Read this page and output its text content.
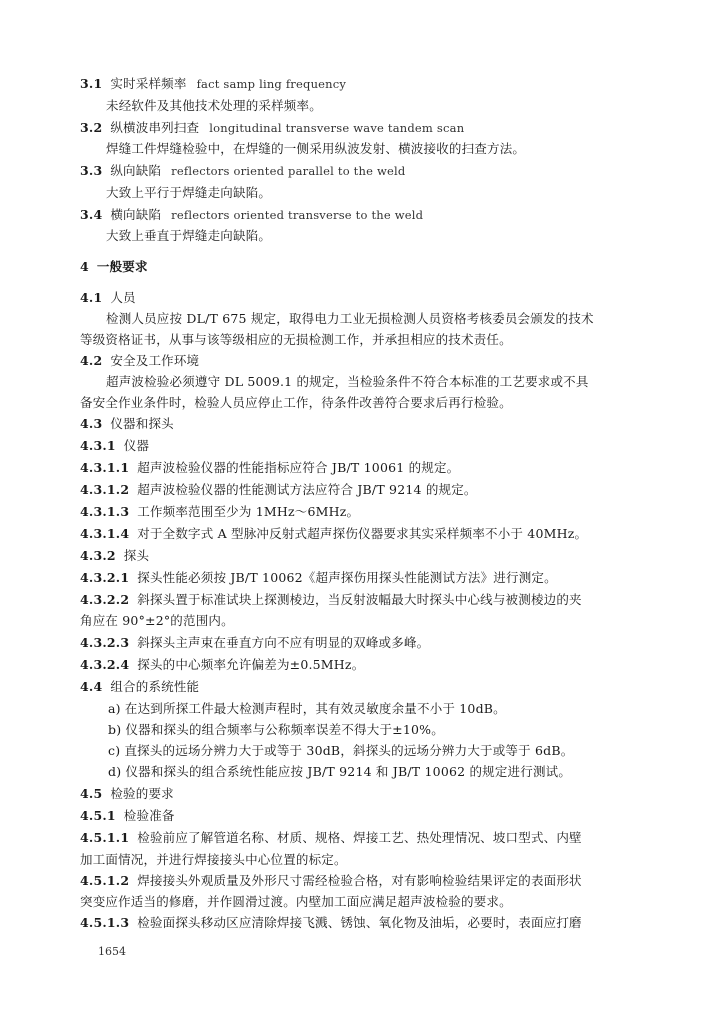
3.1 实时采样频率 fact samp ling frequency
未经软件及其他技术处理的采样频率。
3.2 纵横波串列扫查 longitudinal transverse wave tandem scan
焊缝工件焊缝检验中，在焊缝的一侧采用纵波发射、横波接收的扫查方法。
3.3 纵向缺陷 reflectors oriented parallel to the weld
大致上平行于焊缝走向缺陷。
3.4 横向缺陷 reflectors oriented transverse to the weld
大致上垂直于焊缝走向缺陷。
4 一般要求
4.1 人员
检测人员应按 DL/T 675 规定，取得电力工业无损检测人员资格考核委员会颁发的技术
等级资格证书，从事与该等级相应的无损检测工作，并承担相应的技术责任。
4.2 安全及工作环境
超声波检验必须遵守 DL 5009.1 的规定，当检验条件不符合本标准的工艺要求或不具
备安全作业条件时，检验人员应停止工作，待条件改善符合要求后再行检验。
4.3 仪器和探头
4.3.1 仪器
4.3.1.1 超声波检验仪器的性能指标应符合 JB/T 10061 的规定。
4.3.1.2 超声波检验仪器的性能测试方法应符合 JB/T 9214 的规定。
4.3.1.3 工作频率范围至少为 1MHz～6MHz。
4.3.1.4 对于全数字式 A 型脉冲反射式超声探伤仪器要求其实采样频率不小于 40MHz。
4.3.2 探头
4.3.2.1 探头性能必须按 JB/T 10062《超声探伤用探头性能测试方法》进行测定。
4.3.2.2 斜探头置于标准试块上探测棱边，当反射波幅最大时探头中心线与被测棱边的夹
角应在 90°±2°的范围内。
4.3.2.3 斜探头主声束在垂直方向不应有明显的双峰或多峰。
4.3.2.4 探头的中心频率允许偏差为±0.5MHz。
4.4 组合的系统性能
a) 在达到所探工件最大检测声程时，其有效灵敏度余量不小于 10dB。
b) 仪器和探头的组合频率与公称频率误差不得大于±10%。
c) 直探头的远场分辨力大于或等于 30dB，斜探头的远场分辨力大于或等于 6dB。
d) 仪器和探头的组合系统性能应按 JB/T 9214 和 JB/T 10062 的规定进行测试。
4.5 检验的要求
4.5.1 检验准备
4.5.1.1 检验前应了解管道名称、材质、规格、焊接工艺、热处理情况、坡口型式、内壁
加工面情况，并进行焊接接头中心位置的标定。
4.5.1.2 焊接接头外观质量及外形尺寸需经检验合格，对有影响检验结果评定的表面形状
突变应作适当的修磨，并作圆滑过渡。内壁加工面应满足超声波检验的要求。
4.5.1.3 检验面探头移动区应清除焊接飞溅、锈蚀、氧化物及油垢，必要时，表面应打磨
1654
